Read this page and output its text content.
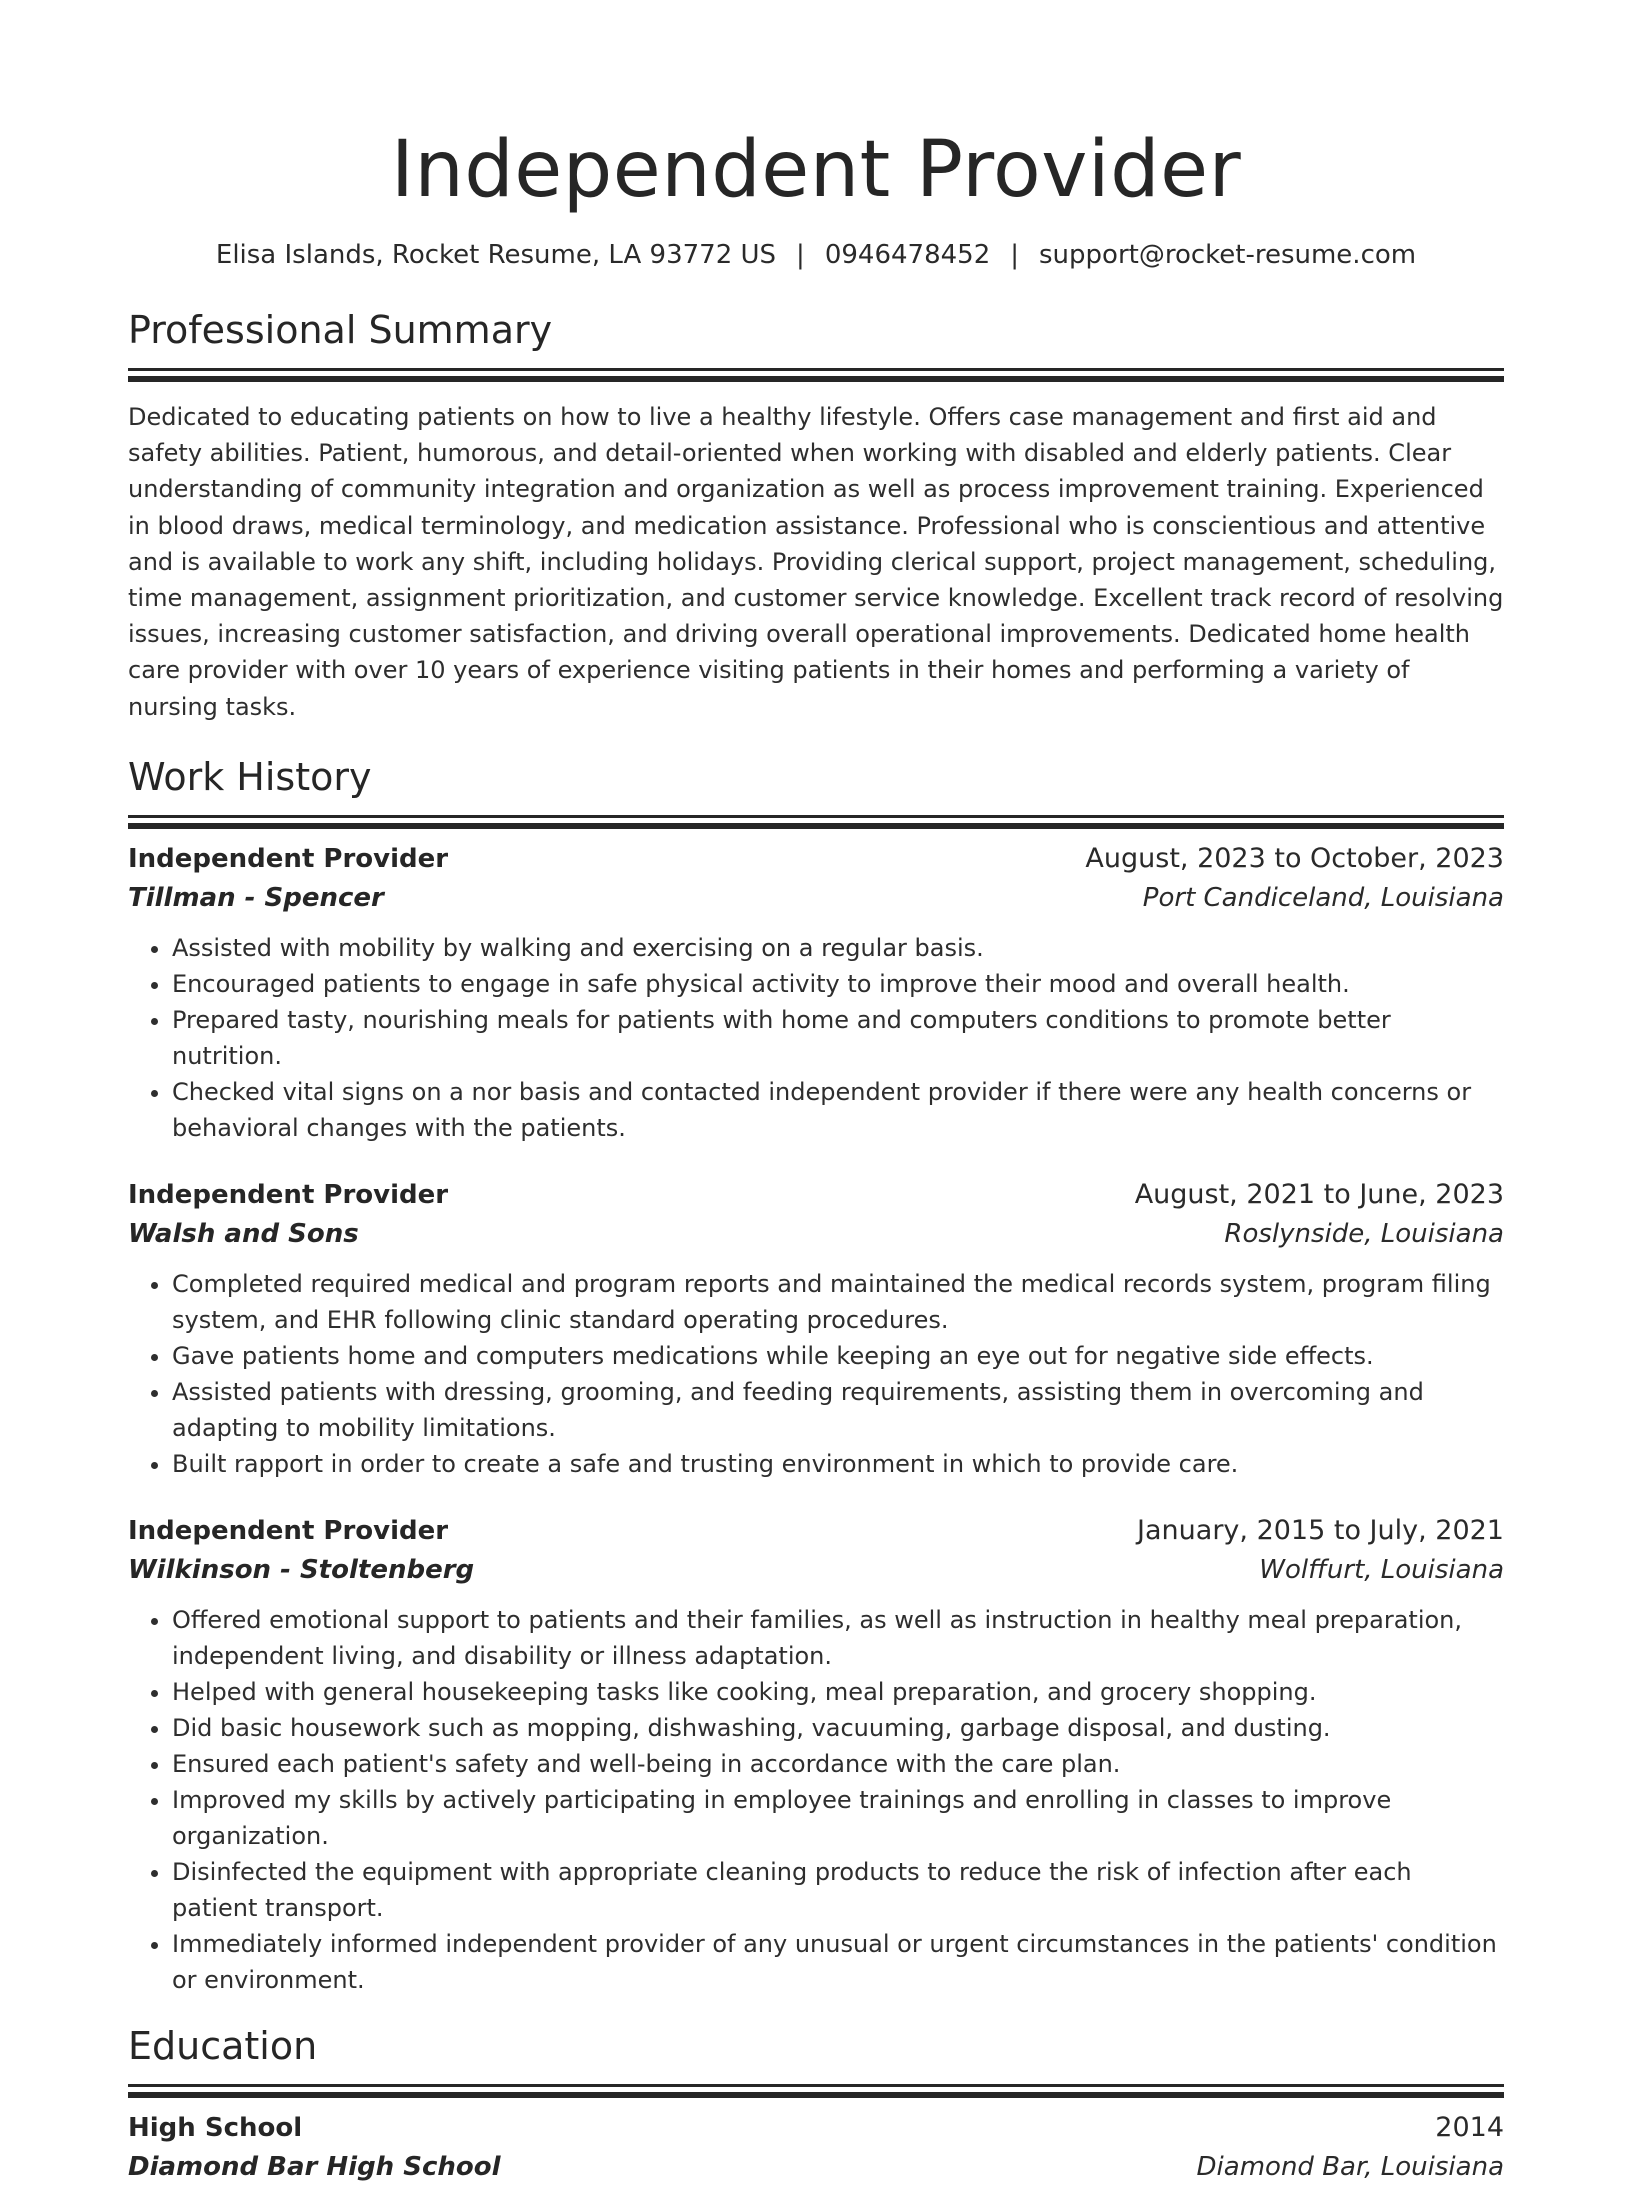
Independent Provider
Elisa Islands, Rocket Resume, LA 93772 US | 0946478452 | support@rocket-resume.com
Professional Summary
Dedicated to educating patients on how to live a healthy lifestyle. Offers case management and first aid and safety abilities. Patient, humorous, and detail-oriented when working with disabled and elderly patients. Clear understanding of community integration and organization as well as process improvement training. Experienced in blood draws, medical terminology, and medication assistance. Professional who is conscientious and attentive and is available to work any shift, including holidays. Providing clerical support, project management, scheduling, time management, assignment prioritization, and customer service knowledge. Excellent track record of resolving issues, increasing customer satisfaction, and driving overall operational improvements. Dedicated home health care provider with over 10 years of experience visiting patients in their homes and performing a variety of nursing tasks.
Work History
Independent Provider	August, 2023 to October, 2023
Tillman - Spencer	Port Candiceland, Louisiana
• Assisted with mobility by walking and exercising on a regular basis.
• Encouraged patients to engage in safe physical activity to improve their mood and overall health.
• Prepared tasty, nourishing meals for patients with home and computers conditions to promote better nutrition.
• Checked vital signs on a nor basis and contacted independent provider if there were any health concerns or behavioral changes with the patients.
Independent Provider	August, 2021 to June, 2023
Walsh and Sons	Roslynside, Louisiana
• Completed required medical and program reports and maintained the medical records system, program filing system, and EHR following clinic standard operating procedures.
• Gave patients home and computers medications while keeping an eye out for negative side effects.
• Assisted patients with dressing, grooming, and feeding requirements, assisting them in overcoming and adapting to mobility limitations.
• Built rapport in order to create a safe and trusting environment in which to provide care.
Independent Provider	January, 2015 to July, 2021
Wilkinson - Stoltenberg	Wolffurt, Louisiana
• Offered emotional support to patients and their families, as well as instruction in healthy meal preparation, independent living, and disability or illness adaptation.
• Helped with general housekeeping tasks like cooking, meal preparation, and grocery shopping.
• Did basic housework such as mopping, dishwashing, vacuuming, garbage disposal, and dusting.
• Ensured each patient's safety and well-being in accordance with the care plan.
• Improved my skills by actively participating in employee trainings and enrolling in classes to improve organization.
• Disinfected the equipment with appropriate cleaning products to reduce the risk of infection after each patient transport.
• Immediately informed independent provider of any unusual or urgent circumstances in the patients' condition or environment.
Education
High School	2014
Diamond Bar High School	Diamond Bar, Louisiana
